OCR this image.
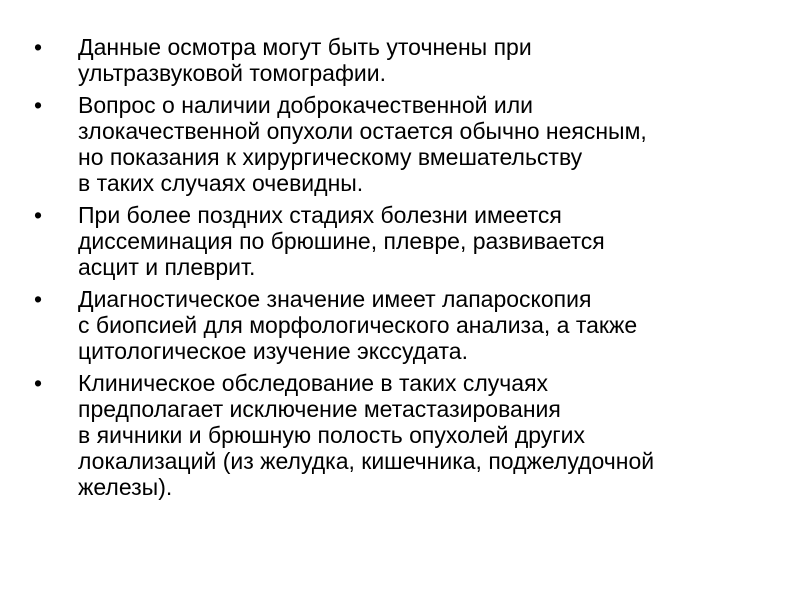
• Данные осмотра могут быть уточнены при
ультразвуковой томографии.
• Вопрос о наличии доброкачественной или
злокачественной опухоли остается обычно неясным,
но показания к хирургическому вмешательству
в таких случаях очевидны.
• При более поздних стадиях болезни имеется
диссеминация по брюшине, плевре, развивается
асцит и плеврит.
• Диагностическое значение имеет лапароскопия
с биопсией для морфологического анализа, а также
цитологическое изучение экссудата.
• Клиническое обследование в таких случаях
предполагает исключение метастазирования
в яичники и брюшную полость опухолей других
локализаций (из желудка, кишечника, поджелудочной
железы).
